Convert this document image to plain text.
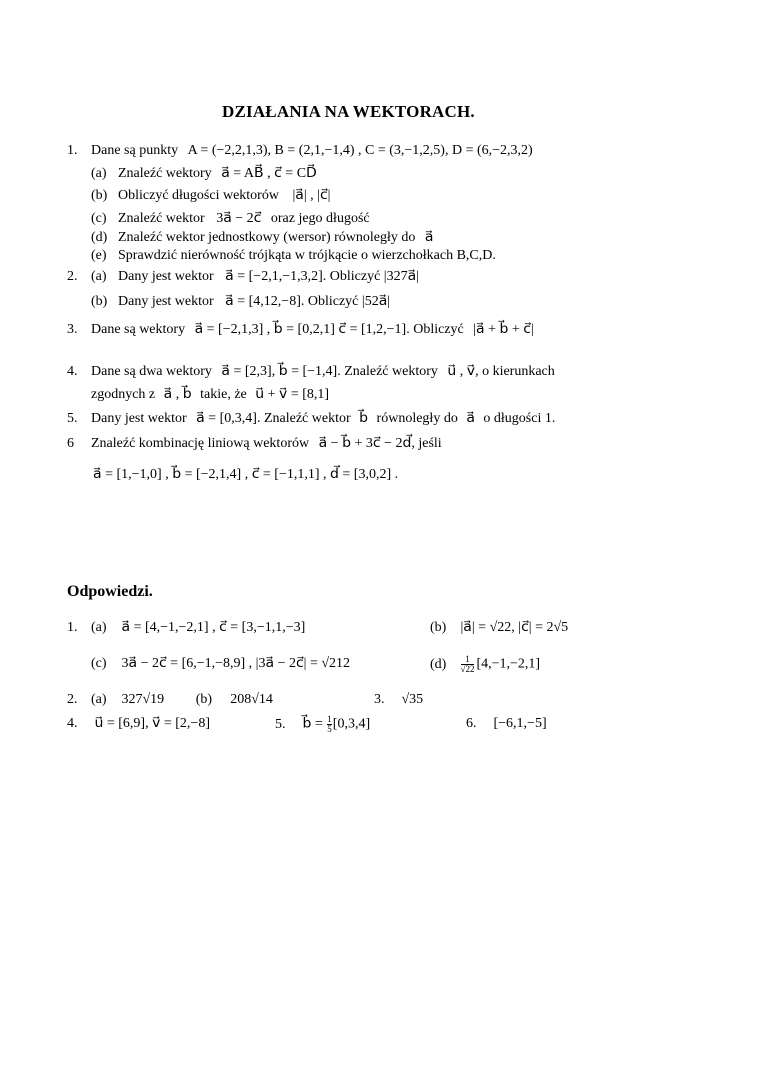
DZIAŁANIA NA WEKTORACH.
1. Dane są punkty A = (−2,2,1,3), B = (2,1,−1,4) , C = (3,−1,2,5), D = (6,−2,3,2)
(a) Znaleźć wektory a⃗ = AB⃗ , c⃗ = CD⃗
(b) Obliczyć długości wektorów |a⃗| , |c⃗|
(c) Znaleźć wektor 3a⃗ − 2c⃗ oraz jego długość
(d) Znaleźć wektor jednostkowy (wersor) równoległy do a⃗
(e) Sprawdzić nierówność trójkąta w trójkącie o wierzchołkach B,C,D.
2. (a) Dany jest wektor a⃗ = [−2,1,−1,3,2]. Obliczyć |327a⃗|
(b) Dany jest wektor a⃗ = [4,12,−8]. Obliczyć |52a⃗|
3. Dane są wektory a⃗ = [−2,1,3] , b⃗ = [0,2,1] c⃗ = [1,2,−1]. Obliczyć |a⃗ + b⃗ + c⃗|
4. Dane są dwa wektory a⃗ = [2,3], b⃗ = [−1,4]. Znaleźć wektory u⃗ , v⃗, o kierunkach
zgodnych z a⃗ , b⃗ takie, że u⃗ + v⃗ = [8,1]
5. Dany jest wektor a⃗ = [0,3,4]. Znaleźć wektor b⃗ równoległy do a⃗ o długości 1.
6 Znaleźć kombinację liniową wektorów a⃗ − b⃗ + 3c⃗ − 2d⃗, jeśli
a⃗ = [1,−1,0] , b⃗ = [−2,1,4] , c⃗ = [−1,1,1] , d⃗ = [3,0,2] .
Odpowiedzi.
1. (a) a⃗ = [4,−1,−2,1] , c⃗ = [3,−1,1,−3]	(b) |a⃗| = √22, |c⃗| = 2√5
(c) 3a⃗ − 2c⃗ = [6,−1,−8,9] , |3a⃗ − 2c⃗| = √212	$(d) \frac{1}{√22} [4,-1,-2,1]$
2. (a) 327√19 (b) 208√14	3. √35
4. u⃗ = [6,9], v⃗ = [2,−8]	5. b⃗ = $\frac{1}{5} [0,3,4]$	6. [−6,1,−5]
